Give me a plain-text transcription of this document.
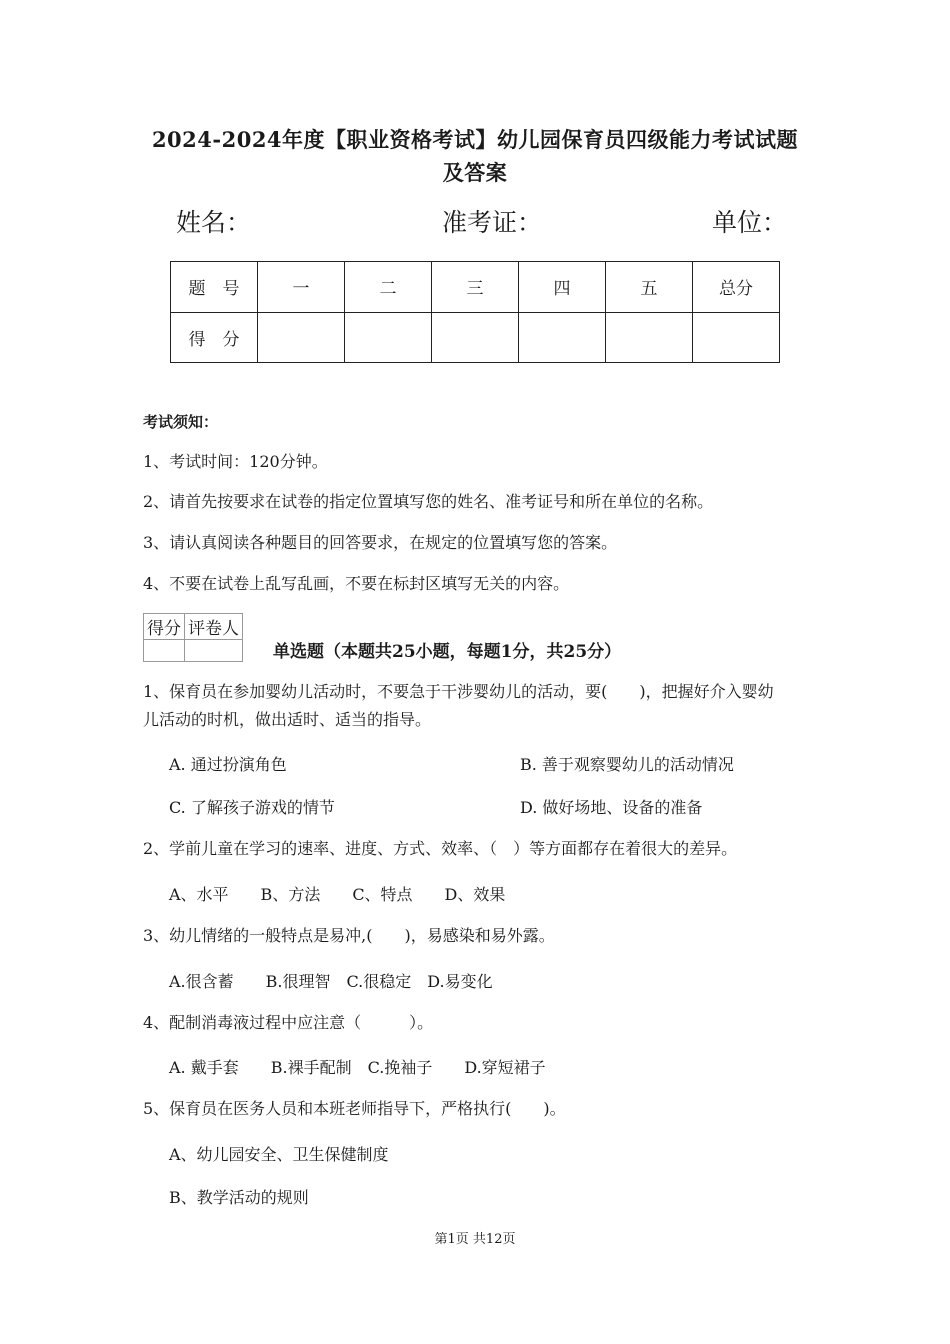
2024-2024年度【职业资格考试】幼儿园保育员四级能力考试试题
及答案
姓名：	准考证：	单位：
题　号	一	二	三	四	五	总分
得　分						
考试须知：
1、考试时间：120分钟。
2、请首先按要求在试卷的指定位置填写您的姓名、准考证号和所在单位的名称。
3、请认真阅读各种题目的回答要求，在规定的位置填写您的答案。
4、不要在试卷上乱写乱画，不要在标封区填写无关的内容。
得分	评卷人

单选题（本题共25小题，每题1分，共25分）
1、保育员在参加婴幼儿活动时，不要急于干涉婴幼儿的活动，要(　　)，把握好介入婴幼
儿活动的时机，做出适时、适当的指导。
A. 通过扮演角色	B. 善于观察婴幼儿的活动情况
C. 了解孩子游戏的情节	D. 做好场地、设备的准备
2、学前儿童在学习的速率、进度、方式、效率、（　）等方面都存在着很大的差异。
A、水平　　B、方法　　C、特点　　D、效果
3、幼儿情绪的一般特点是易冲,(　　)，易感染和易外露。
A.很含蓄　　B.很理智　C.很稳定　D.易变化
4、配制消毒液过程中应注意（　　　）。
A. 戴手套　　B.裸手配制　C.挽袖子　　D.穿短裙子
5、保育员在医务人员和本班老师指导下，严格执行(　　)。
A、幼儿园安全、卫生保健制度
B、教学活动的规则
第1页 共12页
